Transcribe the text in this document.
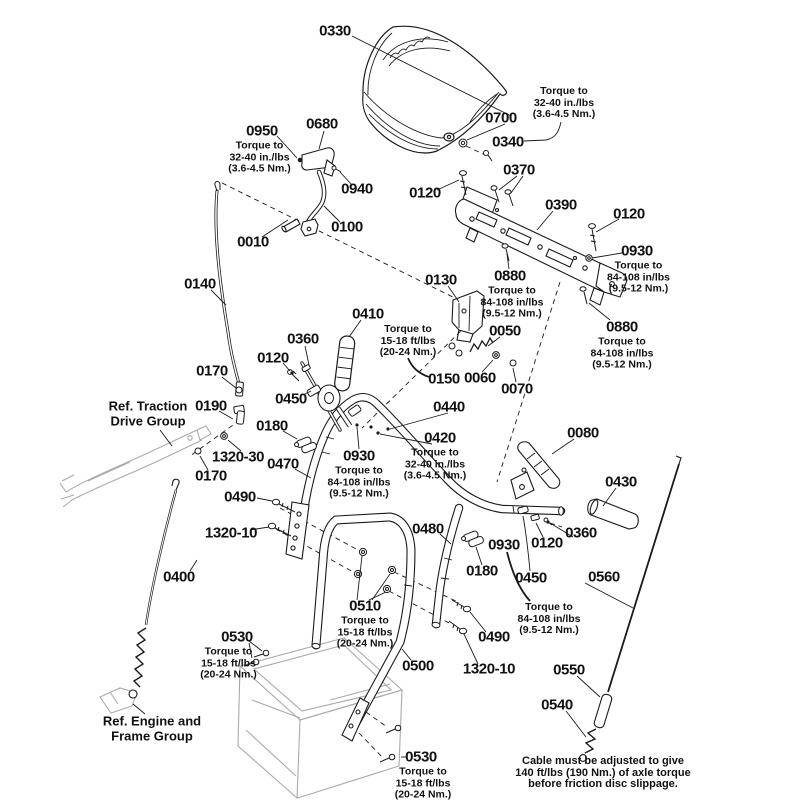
0330
Torque to
32-40 in./lbs
(3.6-4.5 Nm.)
0700
0340
0950
Torque to
32-40 in./lbs
(3.6-4.5 Nm.)
0680
0940 0120
0370
0390
0120
0930
Torque to
84-108 in/lbs
(9.5-12 Nm.)
0880
Torque to
84-108 in/lbs
(9.5-12 Nm.)
0880
Torque to
84-108 in/lbs
(9.5-12 Nm.)
0010
0100
0140	0130
0410
Torque to
15-18 ft/lbs
(20-24 Nm.)
0150
0050
0060
0070
0360
0120
0170
0450
0190
Ref. Traction
Drive Group	0180
1320-30 0470
0170
0930
Torque to
84-108 in/lbs
(9.5-12 Nm.)
0440
0420
Torque to
32-40 in./lbs
(3.6-4.5 Nm.)
0080
0430
0360
0120
0930
Torque to
84-108 in/lbs
(9.5-12 Nm.)
0480
0180 0450	0560
0490
1320-10
0400
0510
Torque to
15-18 ft/lbs
(20-24 Nm.)
0530
Torque to
15-18 ft/lbs
(20-24 Nm.)	0500
0490
1320-10	0550
0540
Ref. Engine and
Frame Group
0530
Torque to
15-18 ft/lbs
(20-24 Nm.)
Cable must be adjusted to give
140 ft/lbs (190 Nm.) of axle torque
before friction disc slippage.
